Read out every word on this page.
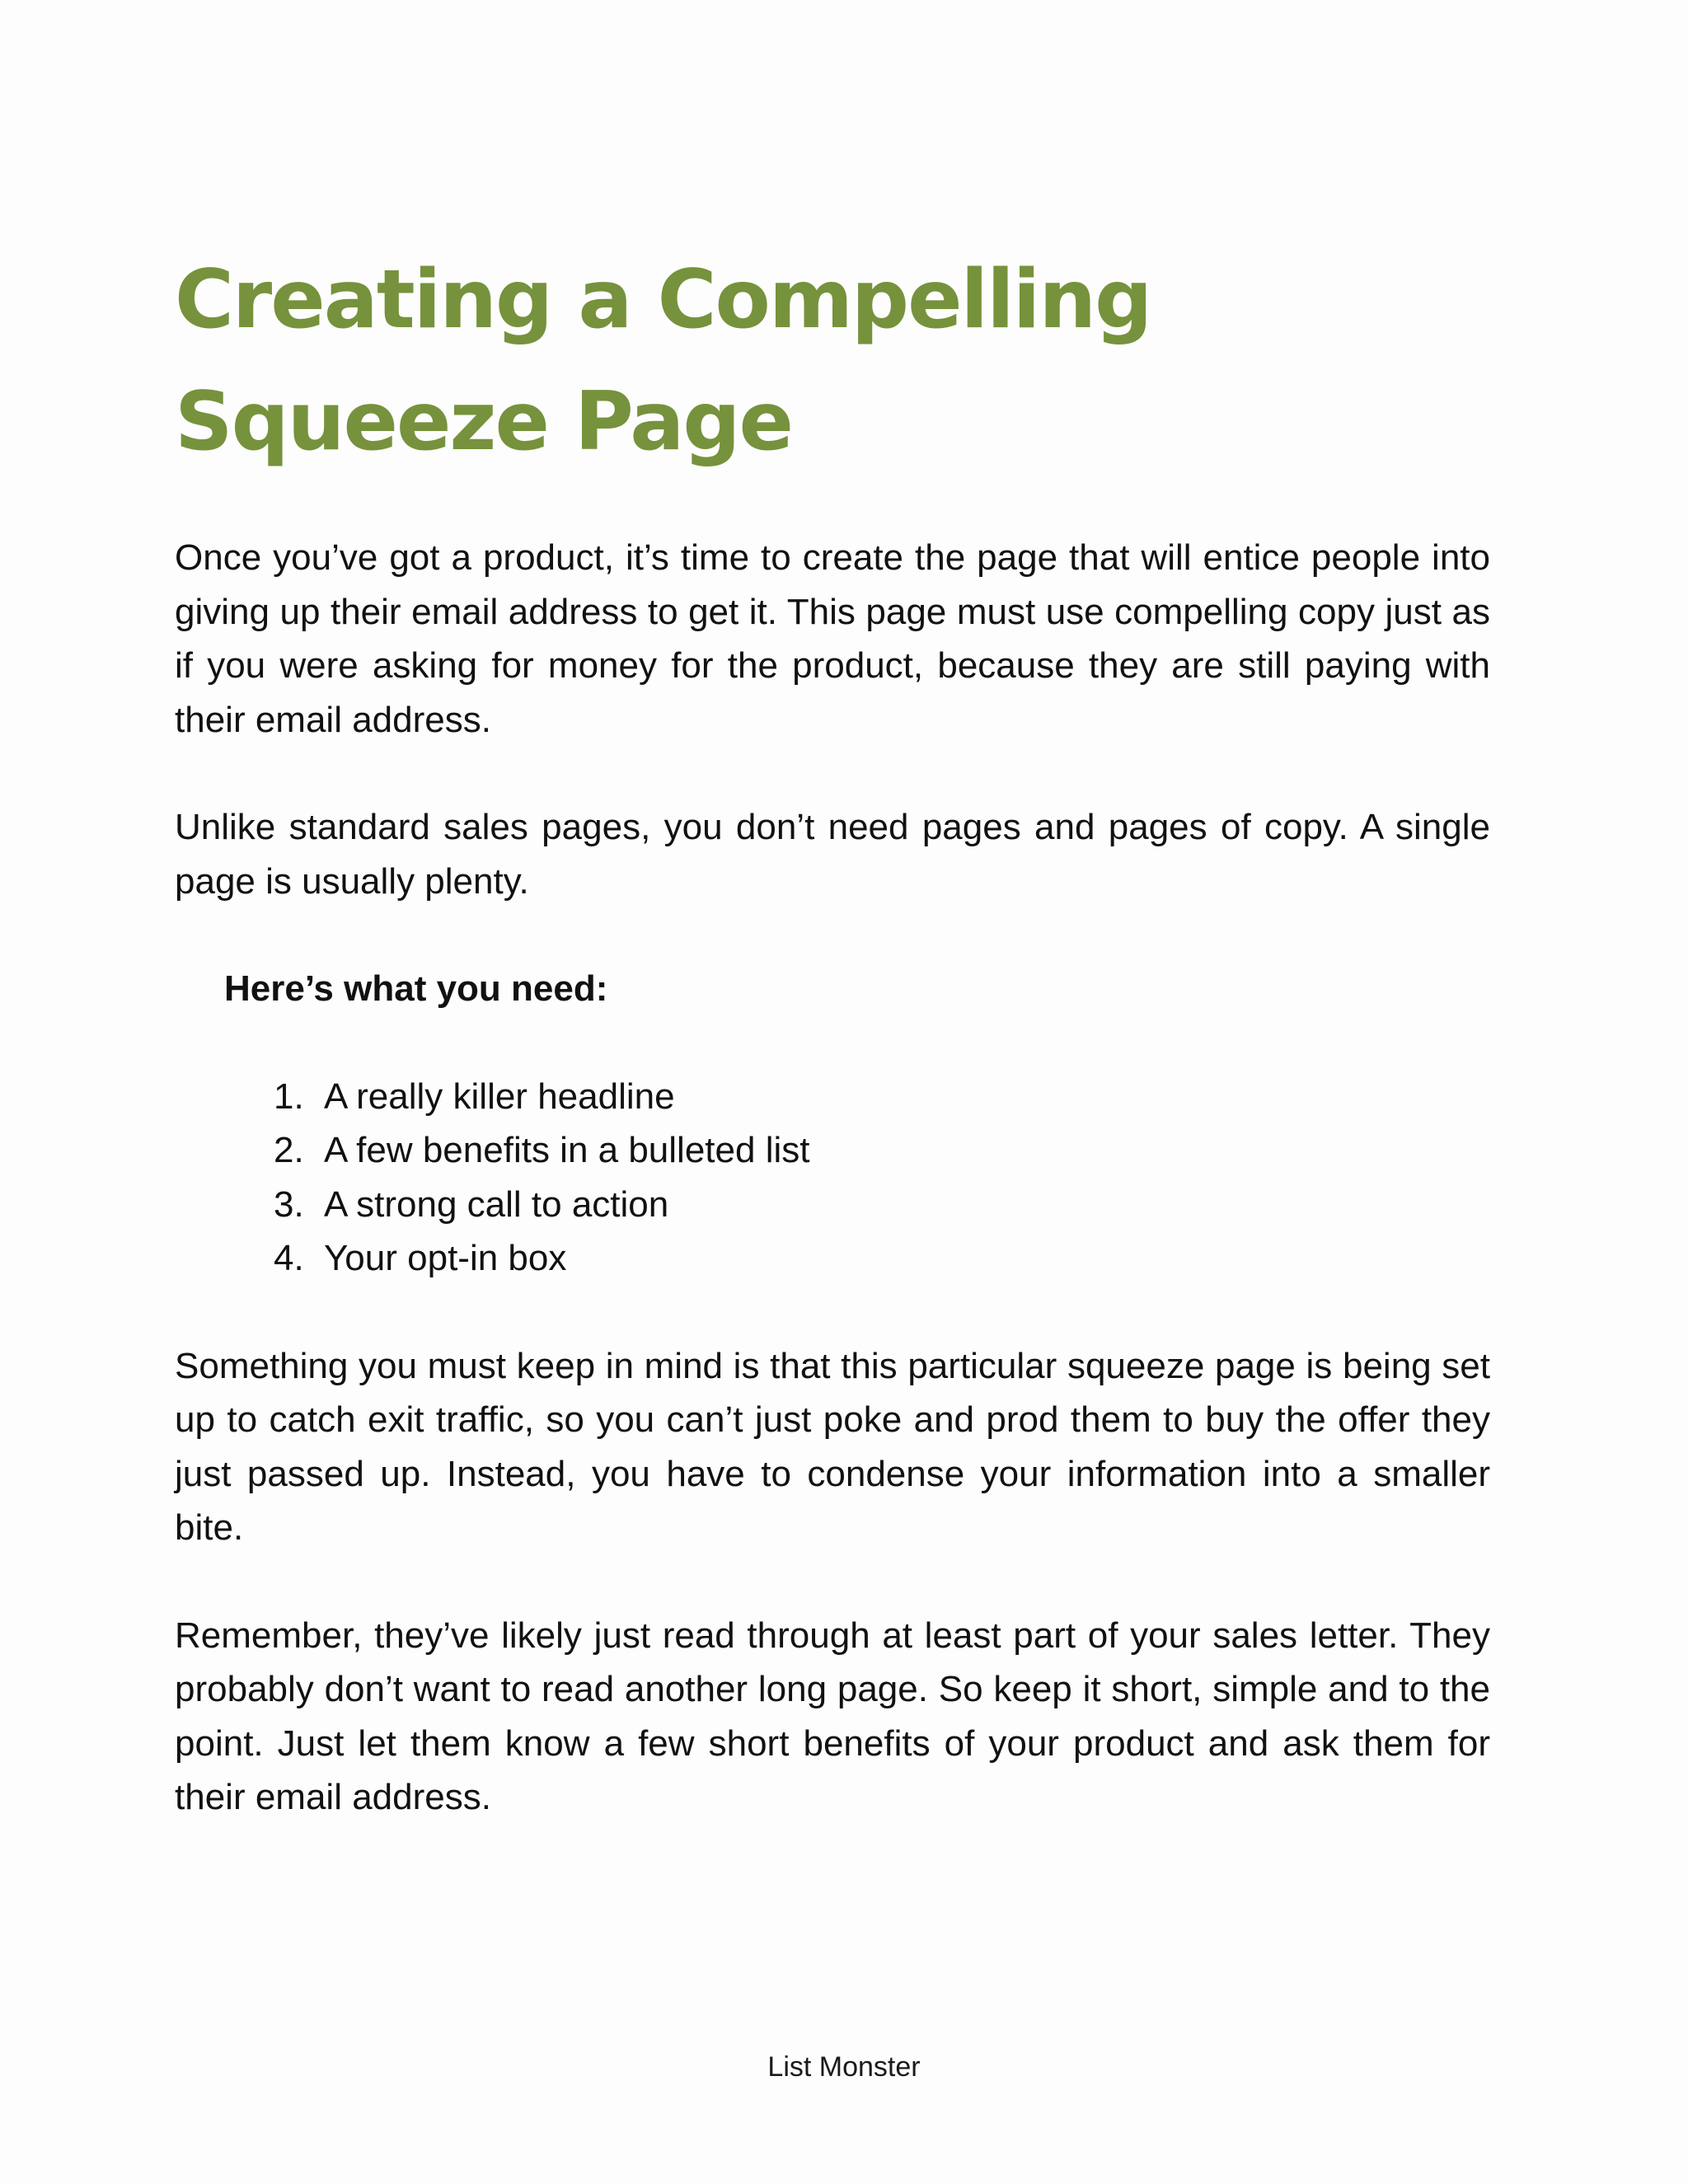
Creating a Compelling Squeeze Page

Once you’ve got a product, it’s time to create the page that will entice people into giving up their email address to get it. This page must use compelling copy just as if you were asking for money for the product, because they are still paying with their email address.

Unlike standard sales pages, you don’t need pages and pages of copy. A single page is usually plenty.

Here’s what you need:
1. A really killer headline
2. A few benefits in a bulleted list
3. A strong call to action
4. Your opt-in box

Something you must keep in mind is that this particular squeeze page is being set up to catch exit traffic, so you can’t just poke and prod them to buy the offer they just passed up. Instead, you have to condense your information into a smaller bite.

Remember, they’ve likely just read through at least part of your sales letter. They probably don’t want to read another long page. So keep it short, simple and to the point. Just let them know a few short benefits of your product and ask them for their email address.

List Monster
